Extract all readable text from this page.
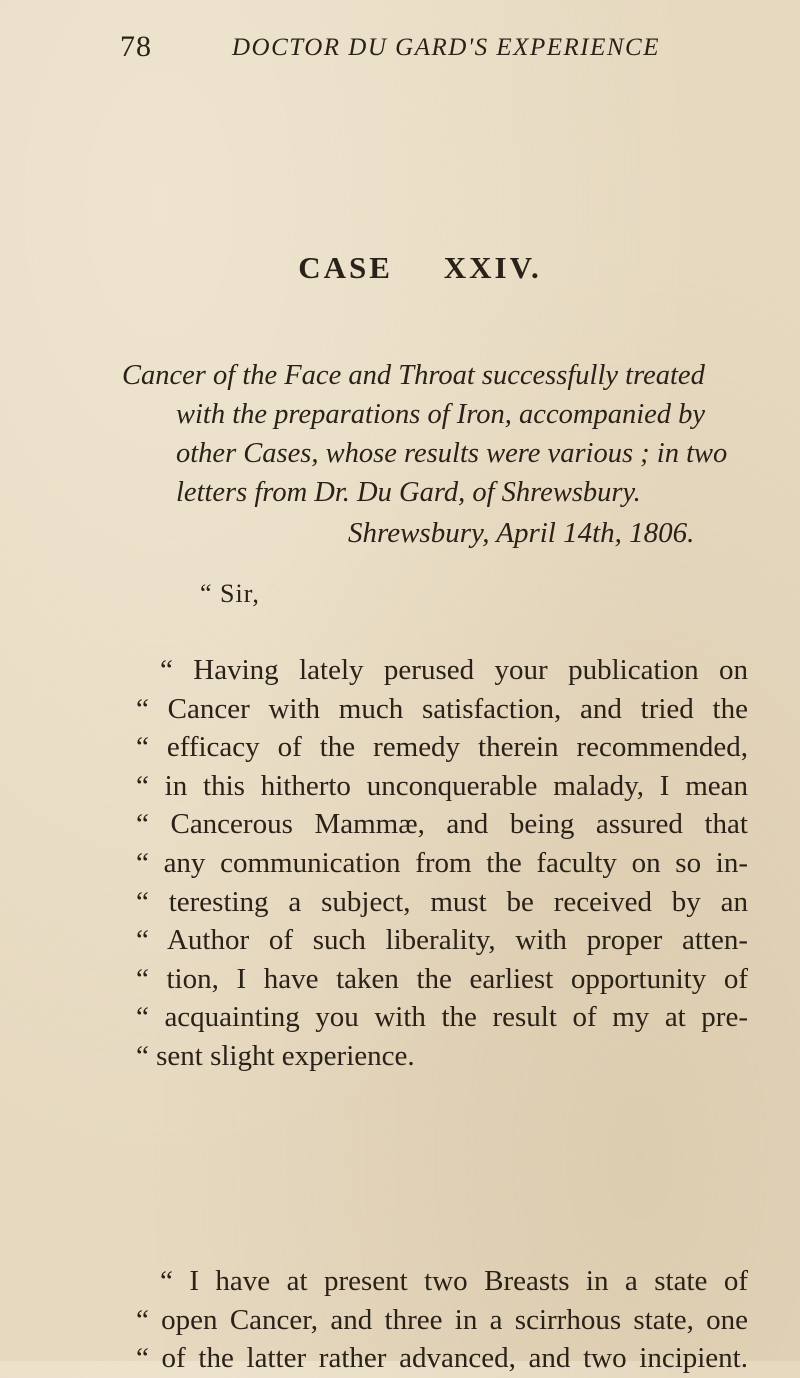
78	DOCTOR DU GARD'S EXPERIENCE
CASE XXIV.
Cancer of the Face and Throat successfully treated
with the preparations of Iron, accompanied by other Cases, whose results were various ; in two letters from Dr. Du Gard, of Shrewsbury.
Shrewsbury, April 14th, 1806.
“ Sir,
“ Having lately perused your publication on
“ Cancer with much satisfaction, and tried the
“ efficacy of the remedy therein recommended,
“ in this hitherto unconquerable malady, I mean
“ Cancerous Mammæ, and being assured that
“ any communication from the faculty on so in-
“ teresting a subject, must be received by an
“ Author of such liberality, with proper atten-
“ tion, I have taken the earliest opportunity of
“ acquainting you with the result of my at pre-
“ sent slight experience.
“ I have at present two Breasts in a state of
“ open Cancer, and three in a scirrhous state, one
“ of the latter rather advanced, and two incipient.
